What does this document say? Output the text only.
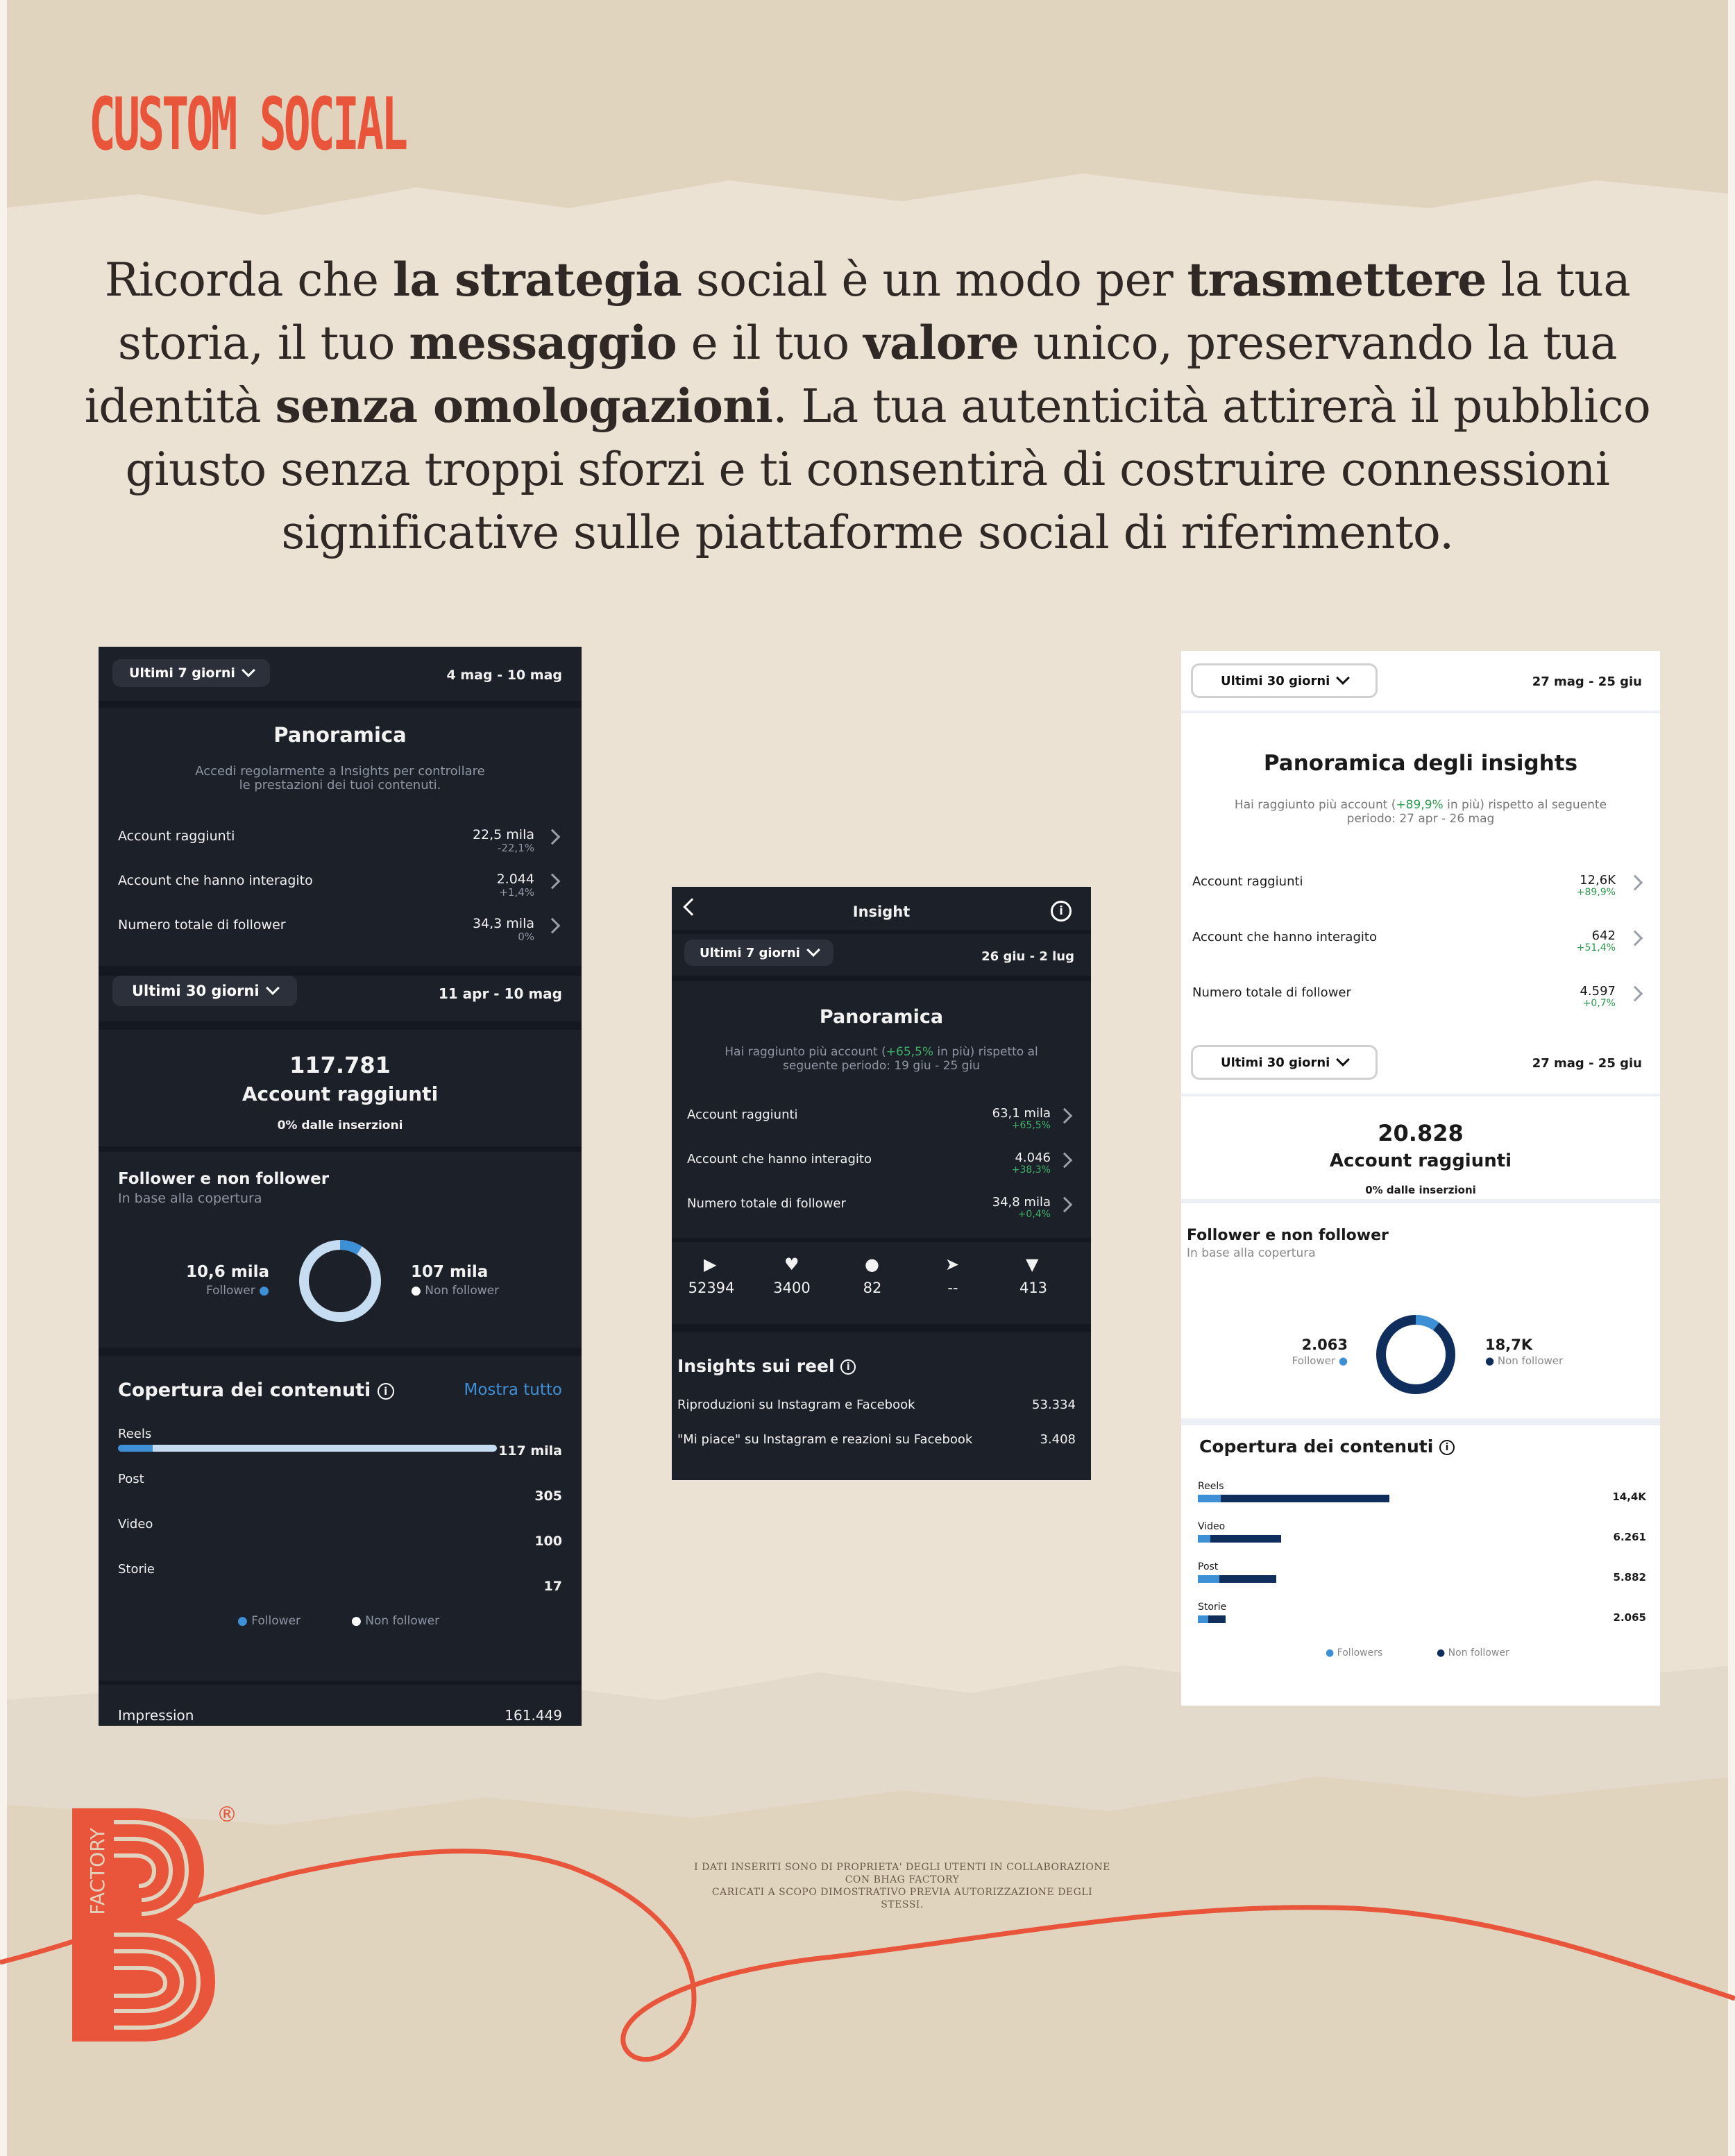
CUSTOM SOCIAL
Ricorda che la strategia social è un modo per trasmettere la tua storia, il tuo messaggio e il tuo valore unico, preservando la tua identità senza omologazioni. La tua autenticità attirerà il pubblico giusto senza troppi sforzi e ti consentirà di costruire connessioni significative sulle piattaforme social di riferimento.
Ultimi 7 giorni	4 mag - 10 mag
Panoramica
Accedi regolarmente a Insights per controllare
le prestazioni dei tuoi contenuti.
Ultimi 30 giorni	11 apr - 10 mag
117.781
Account raggiunti
0% dalle inserzioni
Follower e non follower
In base alla copertura
10,6 mila
Follower ●
107 mila
● Non follower
Copertura dei contenuti i	Mostra tutto
● Follower	● Non follower
Impression	161.449
Account raggiunti	22,5 mila
-22,1%
Account che hanno interagito	2.044
+1,4%
Numero totale di follower	34,3 mila
0%
Reels
117 mila
Post
305
Video
100
Storie
17
Insight	i
Ultimi 7 giorni	26 giu - 2 lug
Panoramica
Hai raggiunto più account (+65,5% in più) rispetto al
seguente periodo: 19 giu - 25 giu
Insights sui reel i
Account raggiunti	63,1 mila
+65,5%
Account che hanno interagito	4.046
+38,3%
Numero totale di follower	34,8 mila
+0,4%
▶
52394
♥
3400
●
82
➤
--
▼
413
Riproduzioni su Instagram e Facebook	53.334
"Mi piace" su Instagram e reazioni su Facebook	3.408
Ultimi 30 giorni	27 mag - 25 giu
Panoramica degli insights
Hai raggiunto più account (+89,9% in più) rispetto al seguente
periodo: 27 apr - 26 mag
Ultimi 30 giorni	27 mag - 25 giu
20.828
Account raggiunti
0% dalle inserzioni
Follower e non follower
In base alla copertura
2.063
Follower ●
18,7K
● Non follower
Copertura dei contenuti i
● Followers	● Non follower
Account raggiunti	12,6K
+89,9%
Account che hanno interagito	642
+51,4%
Numero totale di follower	4.597
+0,7%
Reels
14,4K
Video
6.261
Post
5.882
Storie
2.065
I DATI INSERITI SONO DI PROPRIETA' DEGLI UTENTI IN COLLABORAZIONE CON BHAG FACTORY
CARICATI A SCOPO DIMOSTRATIVO PREVIA AUTORIZZAZIONE DEGLI STESSI.
FACTORY
®
